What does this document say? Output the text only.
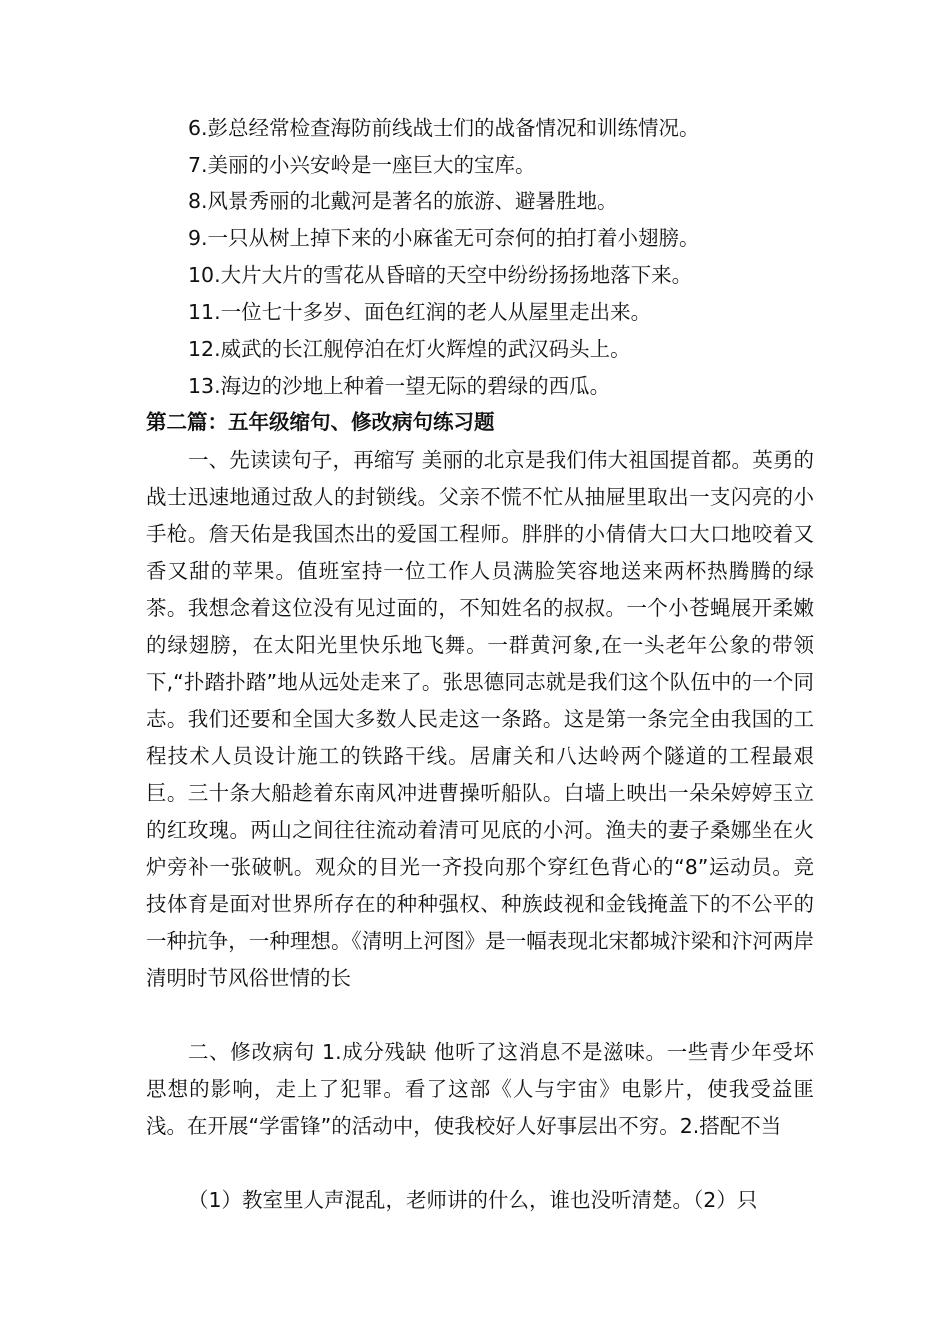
6.彭总经常检查海防前线战士们的战备情况和训练情况。
7.美丽的小兴安岭是一座巨大的宝库。
8.风景秀丽的北戴河是著名的旅游、避暑胜地。
9.一只从树上掉下来的小麻雀无可奈何的拍打着小翅膀。
10.大片大片的雪花从昏暗的天空中纷纷扬扬地落下来。
11.一位七十多岁、面色红润的老人从屋里走出来。
12.威武的长江舰停泊在灯火辉煌的武汉码头上。
13.海边的沙地上种着一望无际的碧绿的西瓜。
第二篇：五年级缩句、修改病句练习题
一、先读读句子，再缩写 美丽的北京是我们伟大祖国提首都。英勇的战士迅速地通过敌人的封锁线。父亲不慌不忙从抽屉里取出一支闪亮的小手枪。詹天佑是我国杰出的爱国工程师。胖胖的小倩倩大口大口地咬着又香又甜的苹果。值班室持一位工作人员满脸笑容地送来两杯热腾腾的绿茶。我想念着这位没有见过面的，不知姓名的叔叔。一个小苍蝇展开柔嫩的绿翅膀，在太阳光里快乐地飞舞。一群黄河象,在一头老年公象的带领下,“扑踏扑踏”地从远处走来了。张思德同志就是我们这个队伍中的一个同志。我们还要和全国大多数人民走这一条路。这是第一条完全由我国的工程技术人员设计施工的铁路干线。居庸关和八达岭两个隧道的工程最艰巨。三十条大船趁着东南风冲进曹操听船队。白墙上映出一朵朵婷婷玉立的红玫瑰。两山之间往往流动着清可见底的小河。渔夫的妻子桑娜坐在火炉旁补一张破帆。观众的目光一齐投向那个穿红色背心的“8”运动员。竞技体育是面对世界所存在的种种强权、种族歧视和金钱掩盖下的不公平的一种抗争，一种理想。《清明上河图》是一幅表现北宋都城汴梁和汴河两岸清明时节风俗世情的长
二、修改病句 1.成分残缺 他听了这消息不是滋味。一些青少年受坏思想的影响，走上了犯罪。看了这部《人与宇宙》电影片，使我受益匪浅。在开展“学雷锋”的活动中，使我校好人好事层出不穷。2.搭配不当
（1）教室里人声混乱，老师讲的什么，谁也没听清楚。（2）只
